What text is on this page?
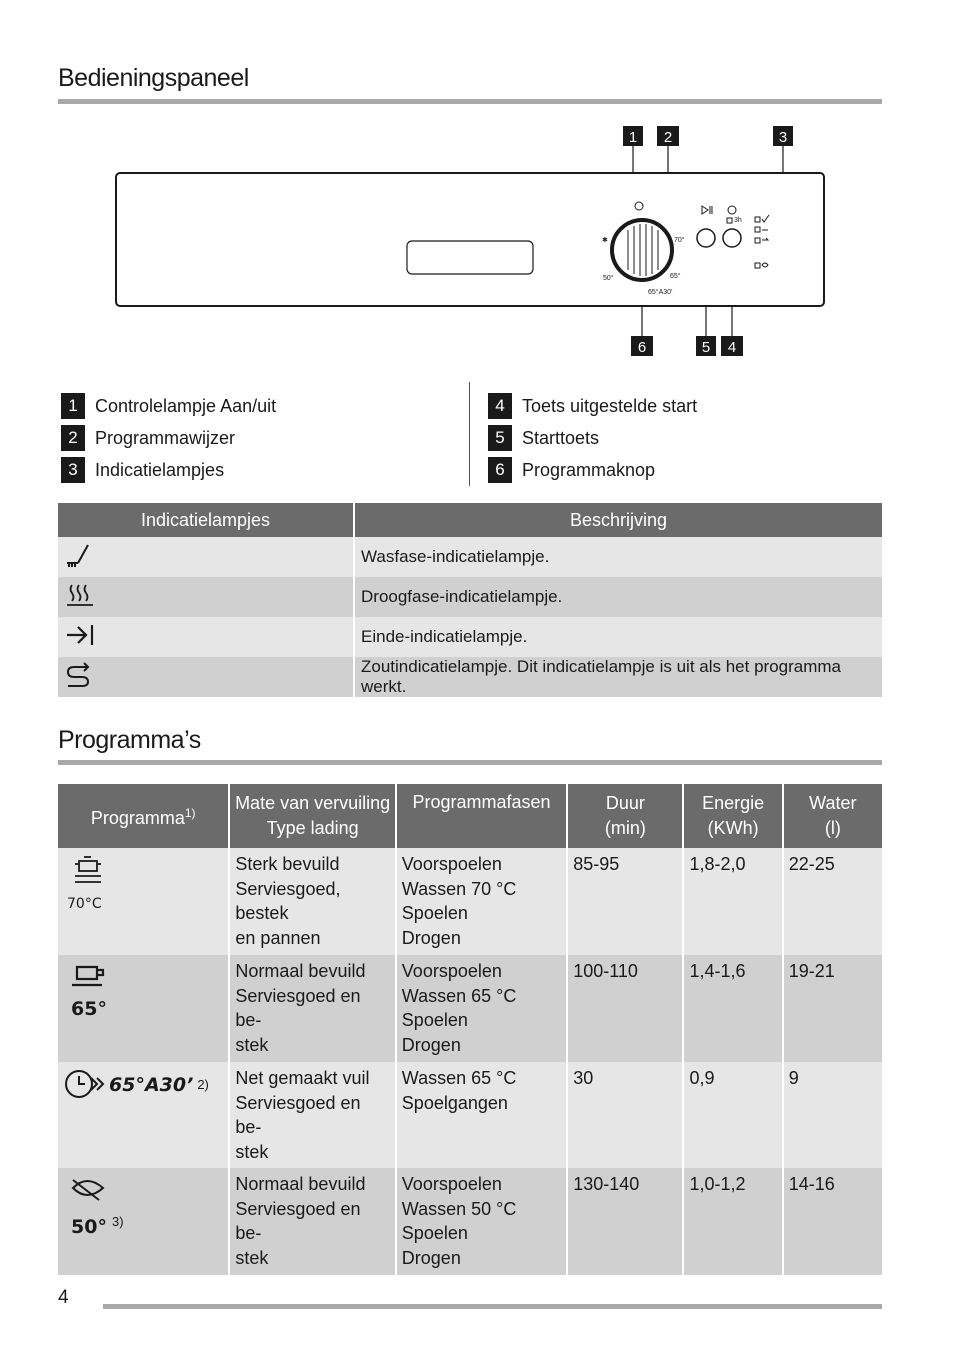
Bedieningspaneel
1 2	3
6	5 4
70°
65°
50°
65°A30’
3h
✱
1 Controlelampje Aan/uit
2 Programmawijzer
3 Indicatielampjes
4 Toets uitgestelde start
5 Starttoets
6 Programmaknop
Indicatielampjes	Beschrijving
	Wasfase-indicatielampje.
	Droogfase-indicatielampje.
	Einde-indicatielampje.
	Zoutindicatielampje. Dit indicatielampje is uit als het programma werkt.
Programma’s
Programma$^{1)}$	Mate van vervuiling
Type lading	Programmafasen	Duur
(min)	Energie
(KWh)	Water
(l)

70°C	Sterk bevuild
Serviesgoed, bestek
en pannen	Voorspoelen
Wassen 70 °C
Spoelen
Drogen	85-95	1,8-2,0	22-25

65°	Normaal bevuild
Serviesgoed en be-
stek	Voorspoelen
Wassen 65 °C
Spoelen
Drogen	100-110	1,4-1,6	19-21

65°A30’ 2)	Net gemaakt vuil
Serviesgoed en be-
stek	Wassen 65 °C
Spoelgangen	30	0,9	9

50° $^{3)}$	Normaal bevuild
Serviesgoed en be-
stek	Voorspoelen
Wassen 50 °C
Spoelen
Drogen	130-140	1,0-1,2	14-16
4
